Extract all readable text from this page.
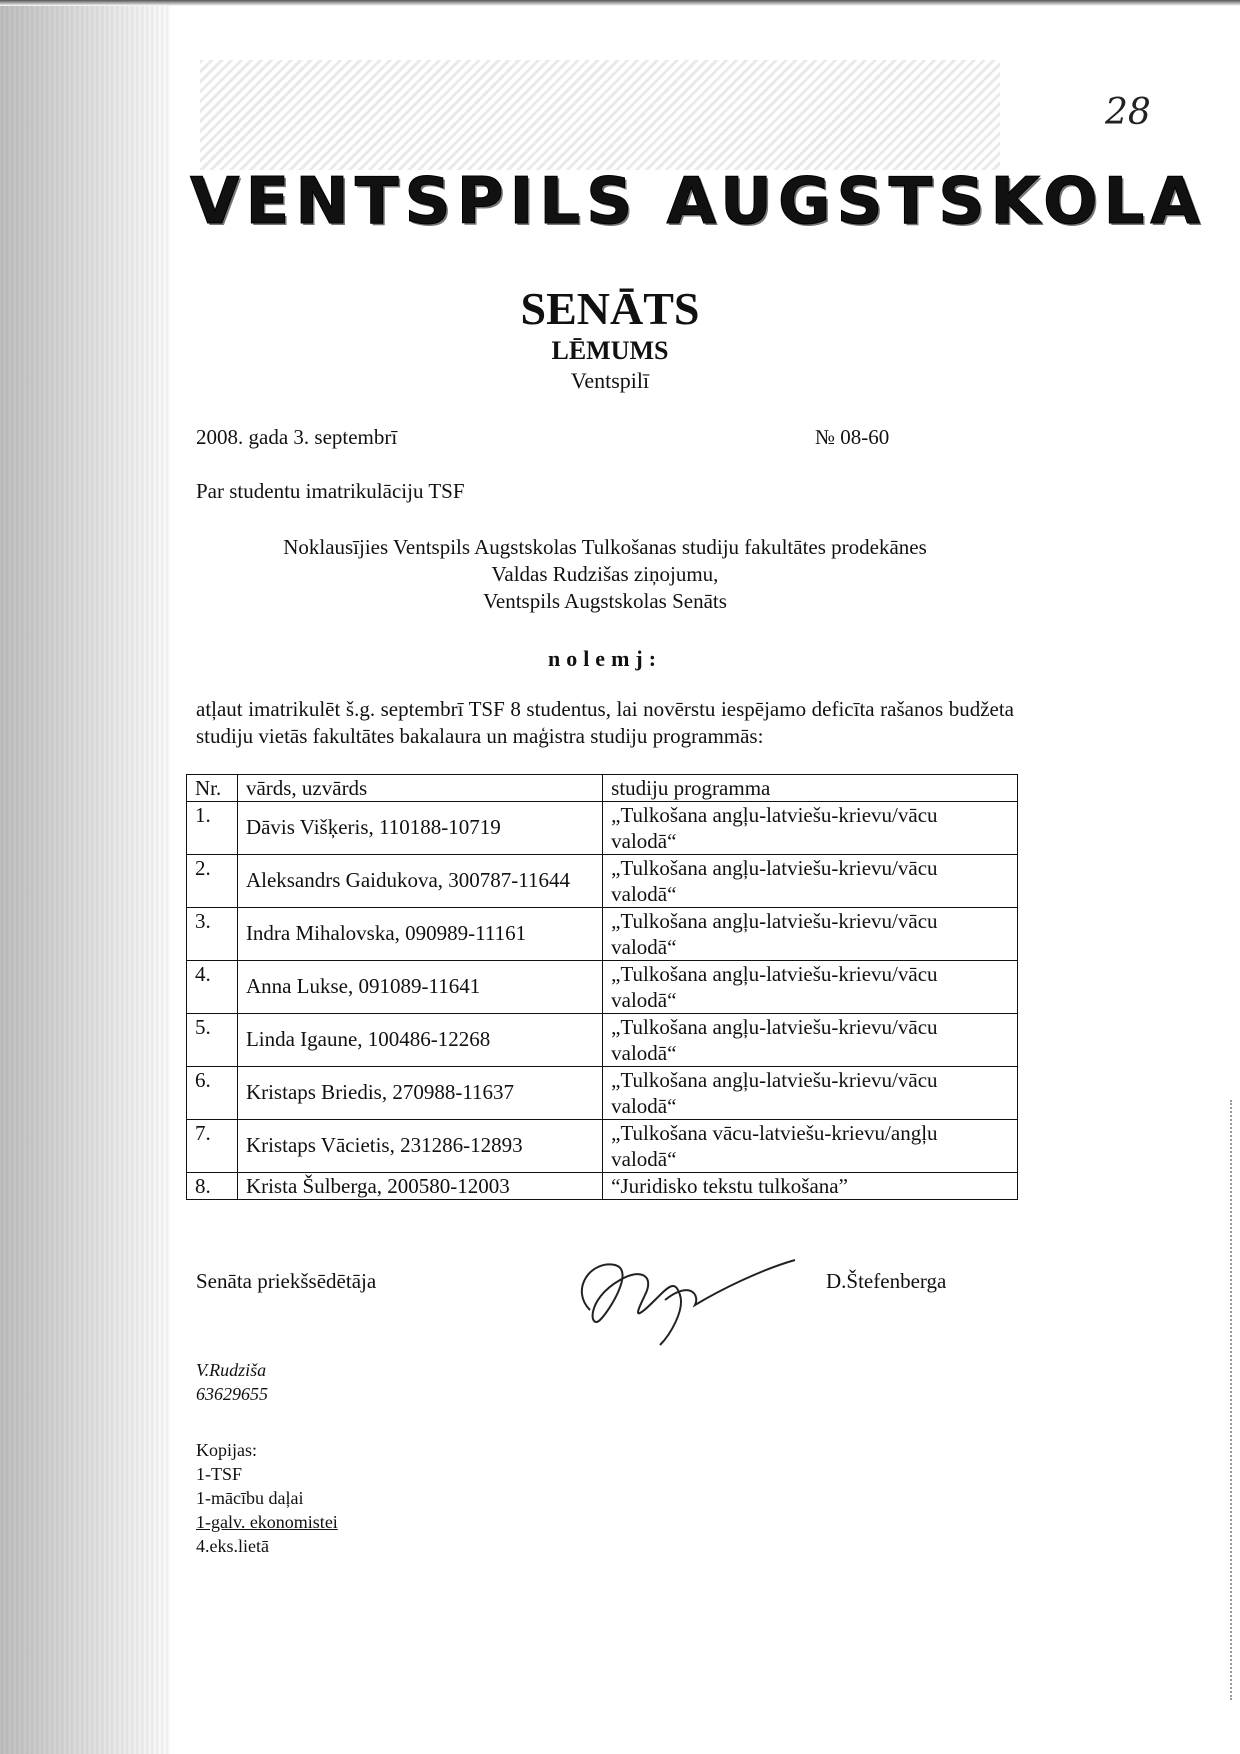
VENTSPILS AUGSTSKOLA
28
SENĀTS
LĒMUMS
Ventspilī
2008. gada 3. septembrī	№ 08-60
Par studentu imatrikulāciju TSF
Noklausījies Ventspils Augstskolas Tulkošanas studiju fakultātes prodekānes
Valdas Rudzišas ziņojumu,
Ventspils Augstskolas Senāts
nolemj:
atļaut imatrikulēt š.g. septembrī TSF 8 studentus, lai novērstu iespējamo deficīta rašanos budžeta studiju vietās fakultātes bakalaura un maģistra studiju programmās:
Nr.	vārds, uzvārds	studiju programma
1.	Dāvis Višķeris, 110188-10719	„Tulkošana angļu-latviešu-krievu/vācu
valodā“

2.	Aleksandrs Gaidukova, 300787-11644	„Tulkošana angļu-latviešu-krievu/vācu
valodā“

3.	Indra Mihalovska, 090989-11161	„Tulkošana angļu-latviešu-krievu/vācu
valodā“

4.	Anna Lukse, 091089-11641	„Tulkošana angļu-latviešu-krievu/vācu
valodā“

5.	Linda Igaune, 100486-12268	„Tulkošana angļu-latviešu-krievu/vācu
valodā“

6.	Kristaps Briedis, 270988-11637	„Tulkošana angļu-latviešu-krievu/vācu
valodā“

7.	Kristaps Vācietis, 231286-12893	„Tulkošana vācu-latviešu-krievu/angļu
valodā“

8.	Krista Šulberga, 200580-12003	“Juridisko tekstu tulkošana”
Senāta priekšsēdētāja	D.Štefenberga
V.Rudziša
63629655
Kopijas:
1-TSF
1-mācību daļai
1-galv. ekonomistei
4.eks.lietā
